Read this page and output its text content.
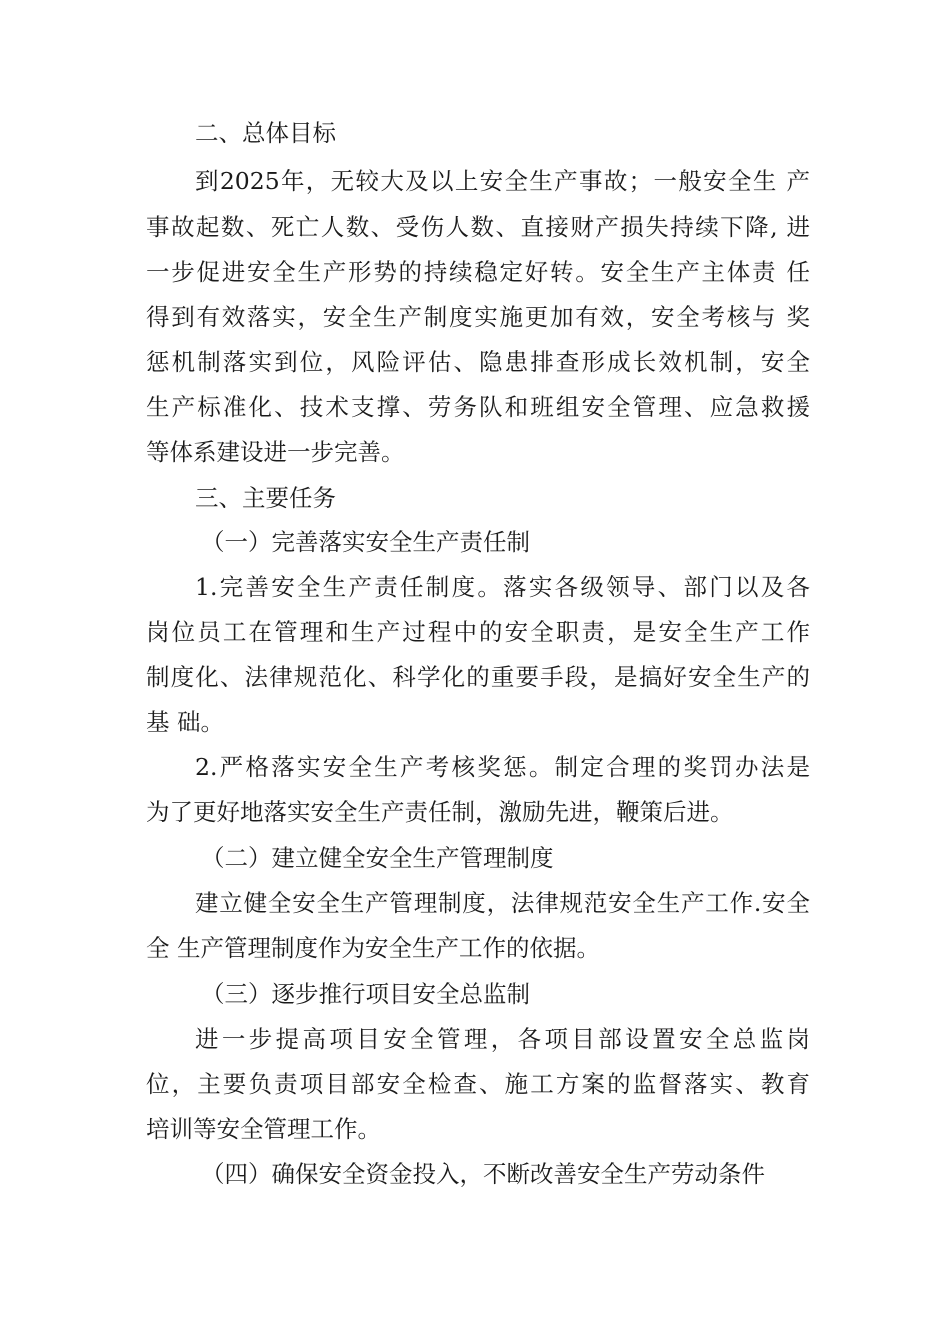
二、总体目标
到2025年，无较大及以上安全生产事故；一般安全生 产
事故起数、死亡人数、受伤人数、直接财产损失持续下降, 进
一步促进安全生产形势的持续稳定好转。安全生产主体责 任
得到有效落实，安全生产制度实施更加有效，安全考核与 奖
惩机制落实到位，风险评估、隐患排查形成长效机制，安全
生产标准化、技术支撑、劳务队和班组安全管理、应急救援
等体系建设进一步完善。
三、主要任务
（一）完善落实安全生产责任制
1.完善安全生产责任制度。落实各级领导、部门以及各
岗位员工在管理和生产过程中的安全职责，是安全生产工作
制度化、法律规范化、科学化的重要手段，是搞好安全生产的
基 础。
2.严格落实安全生产考核奖惩。制定合理的奖罚办法是
为了更好地落实安全生产责任制，激励先进，鞭策后进。
（二）建立健全安全生产管理制度
建立健全安全生产管理制度，法律规范安全生产工作.安全
全 生产管理制度作为安全生产工作的依据。
（三）逐步推行项目安全总监制
进一步提高项目安全管理，各项目部设置安全总监岗
位，主要负责项目部安全检查、施工方案的监督落实、教育
培训等安全管理工作。
（四）确保安全资金投入，不断改善安全生产劳动条件
